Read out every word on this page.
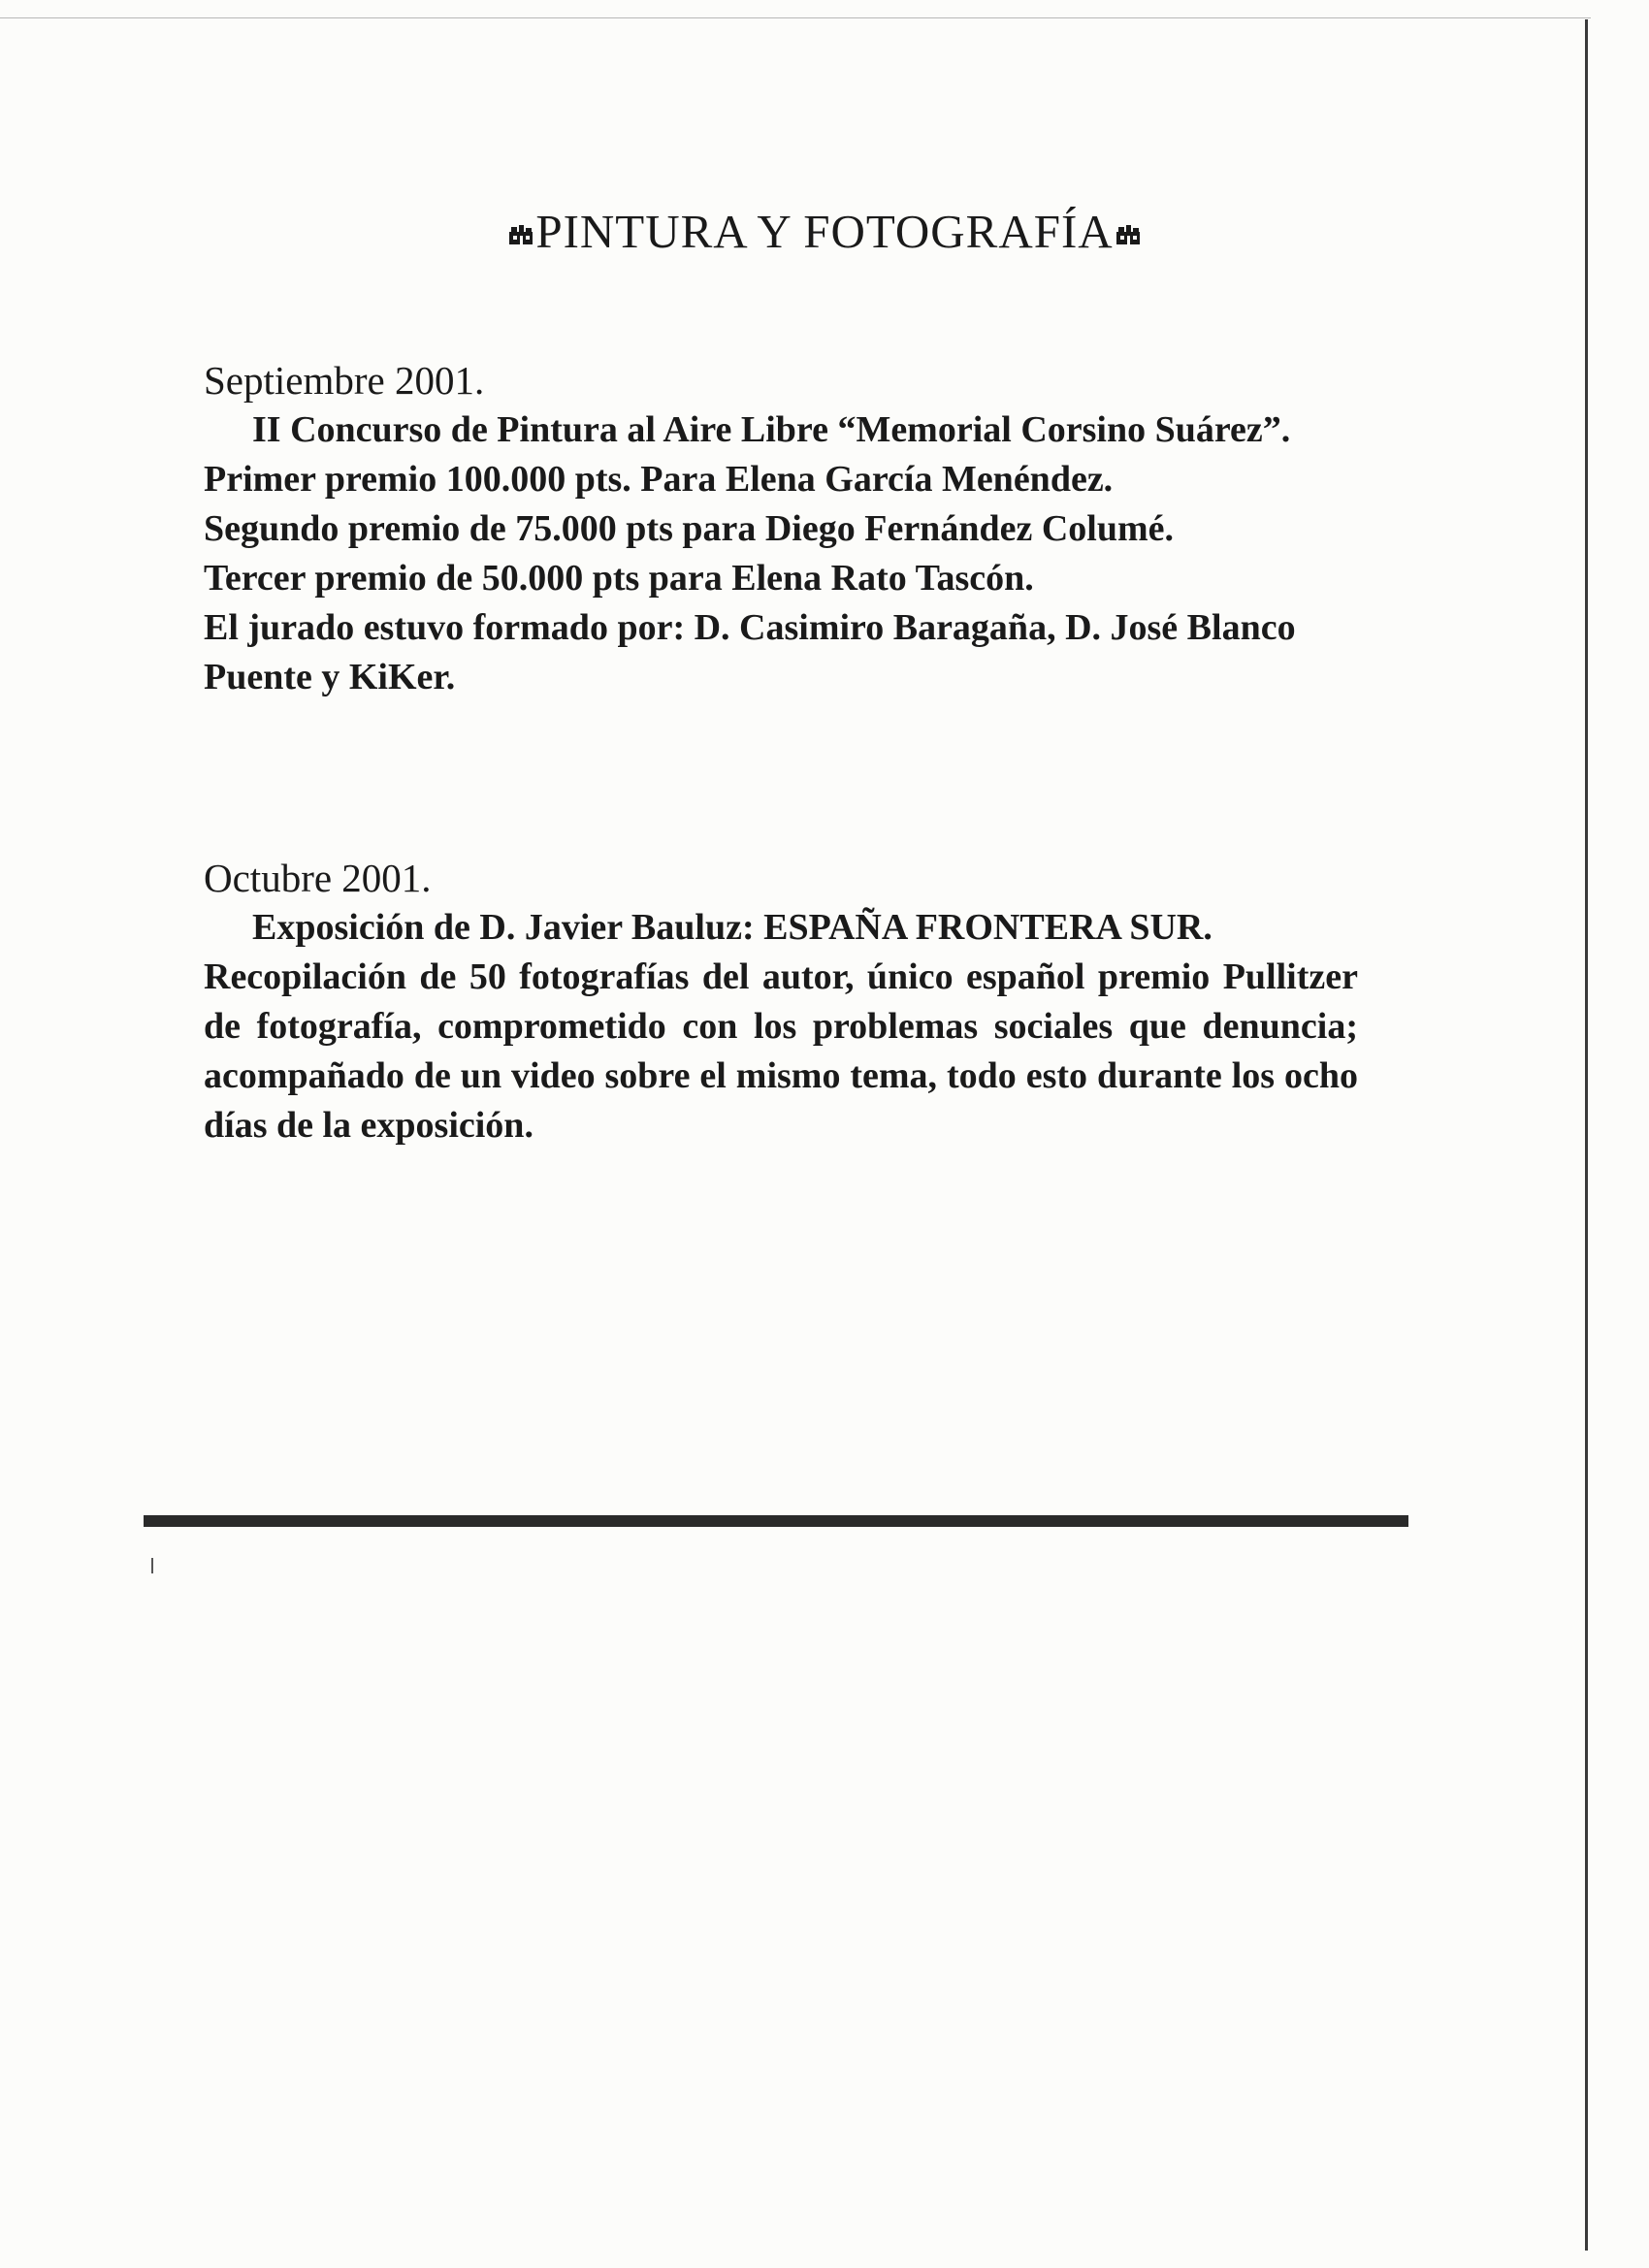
PINTURA Y FOTOGRAFÍA

Septiembre 2001.

II Concurso de Pintura al Aire Libre “Memorial Corsino Suárez”.

Primer premio 100.000 pts. Para Elena García Menéndez.

Segundo premio de 75.000 pts para Diego Fernández Columé.

Tercer premio de 50.000 pts para Elena Rato Tascón.

El jurado estuvo formado por: D. Casimiro Baragaña, D. José Blanco Puente y KiKer.

Octubre 2001.

Exposición de D. Javier Bauluz: ESPAÑA FRONTERA SUR.

Recopilación de 50 fotografías del autor, único español premio Pullitzer de fotografía, comprometido con los problemas sociales que denuncia; acompañado de un video sobre el mismo tema, todo esto durante los ocho días de la exposición.
